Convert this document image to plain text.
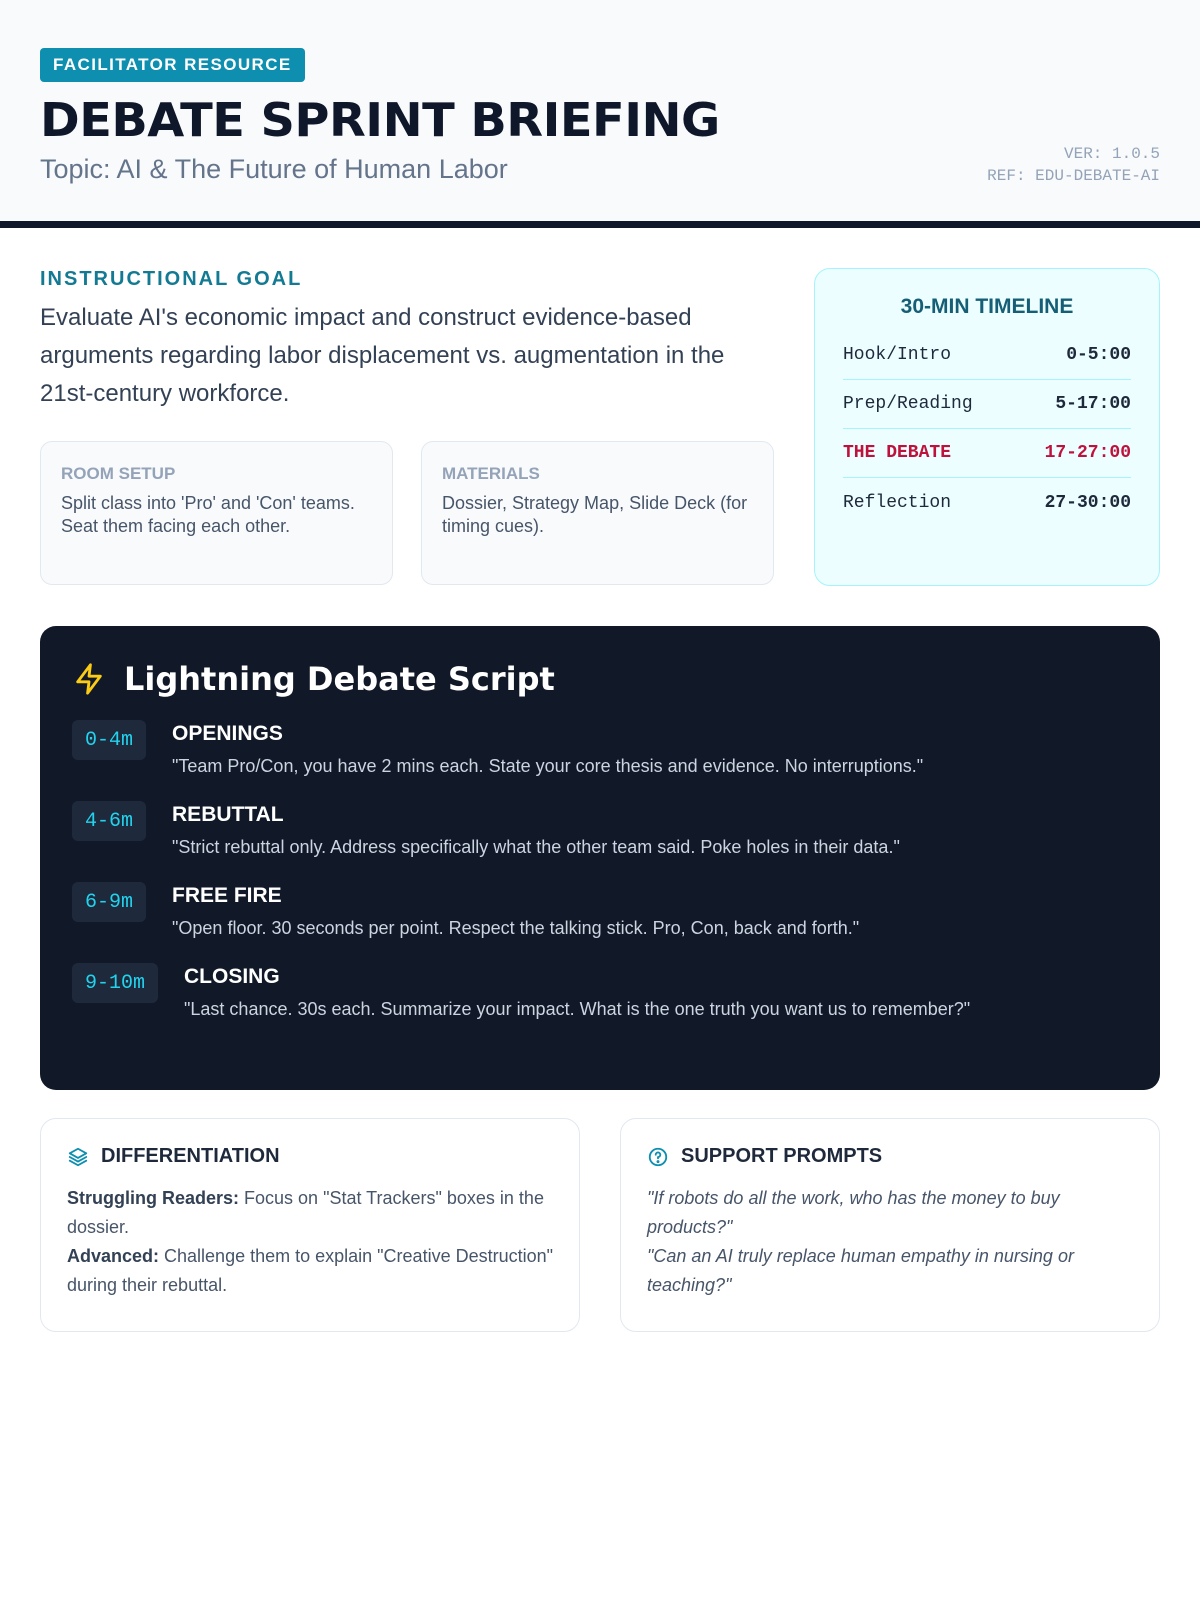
FACILITATOR RESOURCE
DEBATE SPRINT BRIEFING
Topic: AI & The Future of Human Labor	VER: 1.0.5
REF: EDU-DEBATE-AI
INSTRUCTIONAL GOAL
Evaluate AI's economic impact and construct evidence-based arguments regarding labor displacement vs. augmentation in the 21st-century workforce.
ROOM SETUP
Split class into 'Pro' and 'Con' teams. Seat them facing each other.
MATERIALS
Dossier, Strategy Map, Slide Deck (for timing cues).
30-MIN TIMELINE
Hook/Intro	0-5:00
Prep/Reading	5-17:00
THE DEBATE	17-27:00
Reflection	27-30:00
Lightning Debate Script
0-4m	OPENINGS
"Team Pro/Con, you have 2 mins each. State your core thesis and evidence. No interruptions."
4-6m	REBUTTAL
"Strict rebuttal only. Address specifically what the other team said. Poke holes in their data."
6-9m	FREE FIRE
"Open floor. 30 seconds per point. Respect the talking stick. Pro, Con, back and forth."
9-10m	CLOSING
"Last chance. 30s each. Summarize your impact. What is the one truth you want us to remember?"
DIFFERENTIATION
Struggling Readers: Focus on "Stat Trackers" boxes in the dossier.
Advanced: Challenge them to explain "Creative Destruction" during their rebuttal.
SUPPORT PROMPTS
"If robots do all the work, who has the money to buy products?"
"Can an AI truly replace human empathy in nursing or teaching?"
